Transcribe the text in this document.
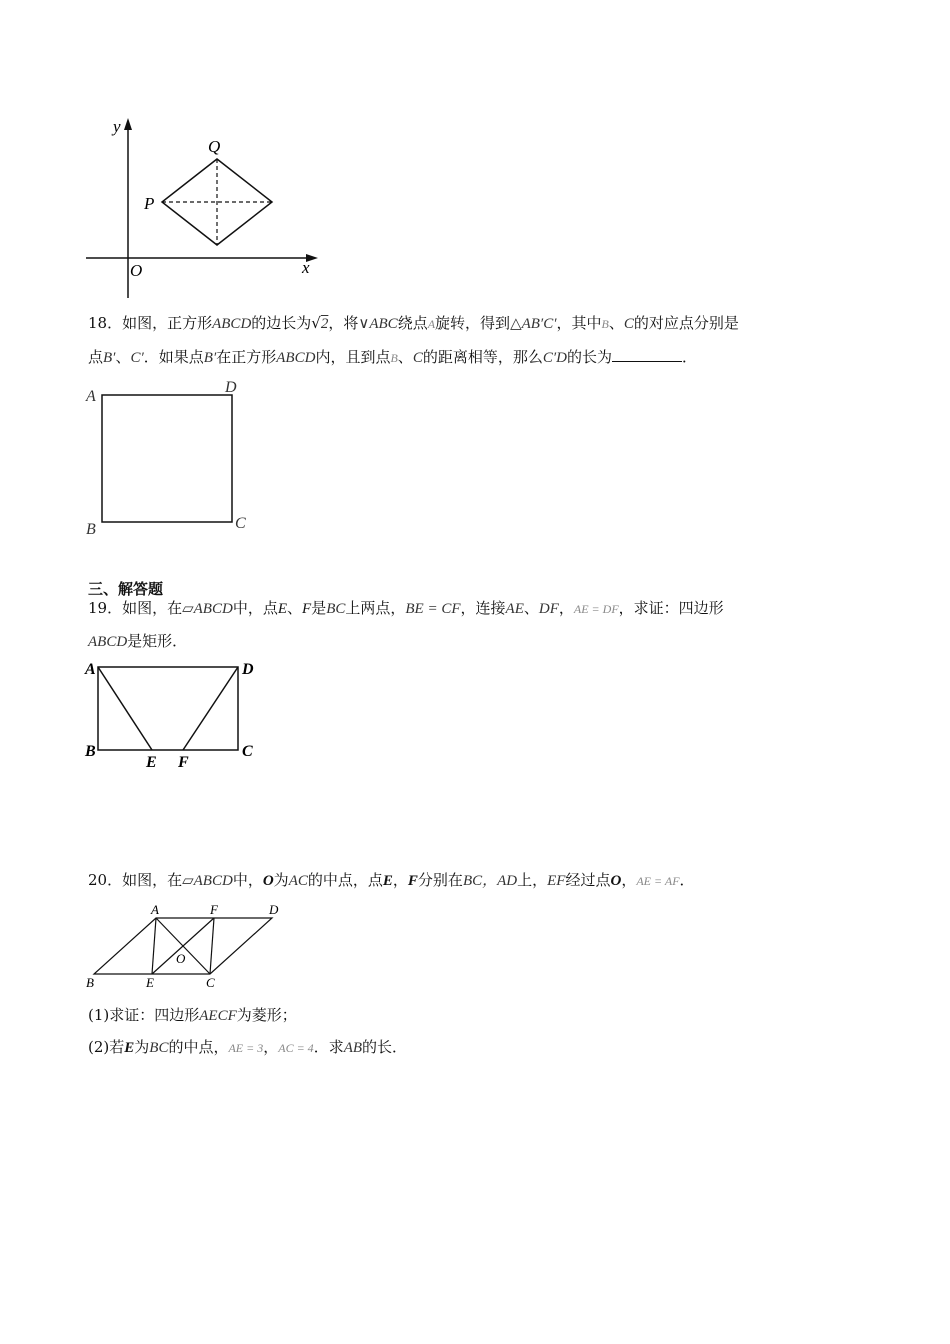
y
x
O
Q
P
18．如图，正方形ABCD的边长为√2，将∨ABC绕点A旋转，得到△AB′C′，其中B、C的对应点分别是
点B′、C′．如果点B′在正方形ABCD内，且到点B、C的距离相等，那么C′D的长为	．
A
D
B	C
三、解答题
19．如图，在▱ABCD中，点E、F是BC上两点，BE = CF，连接AE、DF，AE = DF，求证：四边形
ABCD是矩形．
A	D
B	C
E F
20．如图，在▱ABCD中，O为AC的中点，点E，F分别在BC，AD上，EF经过点O，AE = AF．
A	F	D
O
B	E	C
(1)求证：四边形AECF为菱形；
(2)若E为BC的中点，AE = 3，AC = 4．求AB的长．
